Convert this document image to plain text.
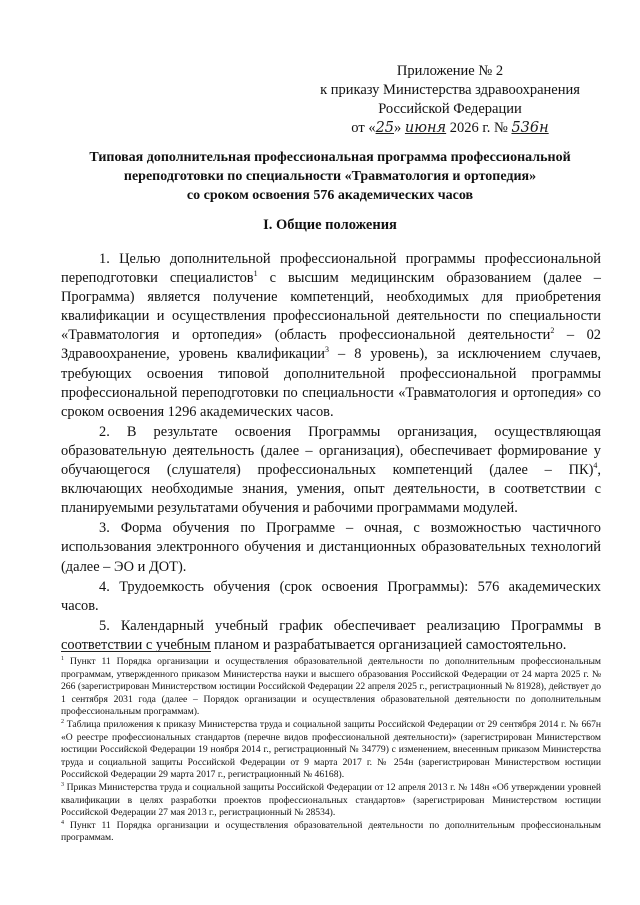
Приложение № 2
к приказу Министерства здравоохранения
Российской Федерации
от «25» июня 2026 г. № 536н
Типовая дополнительная профессиональная программа профессиональной
переподготовки по специальности «Травматология и ортопедия»
со сроком освоения 576 академических часов
I. Общие положения

1. Целью дополнительной профессиональной программы профессиональной переподготовки специалистов$^1$ с высшим медицинским образованием (далее – Программа) является получение компетенций, необходимых для приобретения квалификации и осуществления профессиональной деятельности по специальности «Травматология и ортопедия» (область профессиональной деятельности$^2$ – 02 Здравоохранение, уровень квалификации$^3$ – 8 уровень), за исключением случаев, требующих освоения типовой дополнительной профессиональной программы профессиональной переподготовки по специальности «Травматология и ортопедия» со сроком освоения 1296 академических часов.

2. В результате освоения Программы организация, осуществляющая образовательную деятельность (далее – организация), обеспечивает формирование у обучающегося (слушателя) профессиональных компетенций (далее – ПК)$^4$, включающих необходимые знания, умения, опыт деятельности, в соответствии с планируемыми результатами обучения и рабочими программами модулей.

3. Форма обучения по Программе – очная, с возможностью частичного использования электронного обучения и дистанционных образовательных технологий (далее – ЭО и ДОТ).

4. Трудоемкость обучения (срок освоения Программы): 576 академических часов.

5. Календарный учебный график обеспечивает реализацию Программы в соответствии с учебным планом и разрабатывается организацией самостоятельно.

$^1$ Пункт 11 Порядка организации и осуществления образовательной деятельности по дополнительным профессиональным программам, утвержденного приказом Министерства науки и высшего образования Российской Федерации от 24 марта 2025 г. № 266 (зарегистрирован Министерством юстиции Российской Федерации 22 апреля 2025 г., регистрационный № 81928), действует до 1 сентября 2031 года (далее – Порядок организации и осуществления образовательной деятельности по дополнительным профессиональным программам).

$^2$ Таблица приложения к приказу Министерства труда и социальной защиты Российской Федерации от 29 сентября 2014 г. № 667н «О реестре профессиональных стандартов (перечне видов профессиональной деятельности)» (зарегистрирован Министерством юстиции Российской Федерации 19 ноября 2014 г., регистрационный № 34779) с изменением, внесенным приказом Министерства труда и социальной защиты Российской Федерации от 9 марта 2017 г. № 254н (зарегистрирован Министерством юстиции Российской Федерации 29 марта 2017 г., регистрационный № 46168).

$^3$ Приказ Министерства труда и социальной защиты Российской Федерации от 12 апреля 2013 г. № 148н «Об утверждении уровней квалификации в целях разработки проектов профессиональных стандартов» (зарегистрирован Министерством юстиции Российской Федерации 27 мая 2013 г., регистрационный № 28534).

$^4$ Пункт 11 Порядка организации и осуществления образовательной деятельности по дополнительным профессиональным программам.
